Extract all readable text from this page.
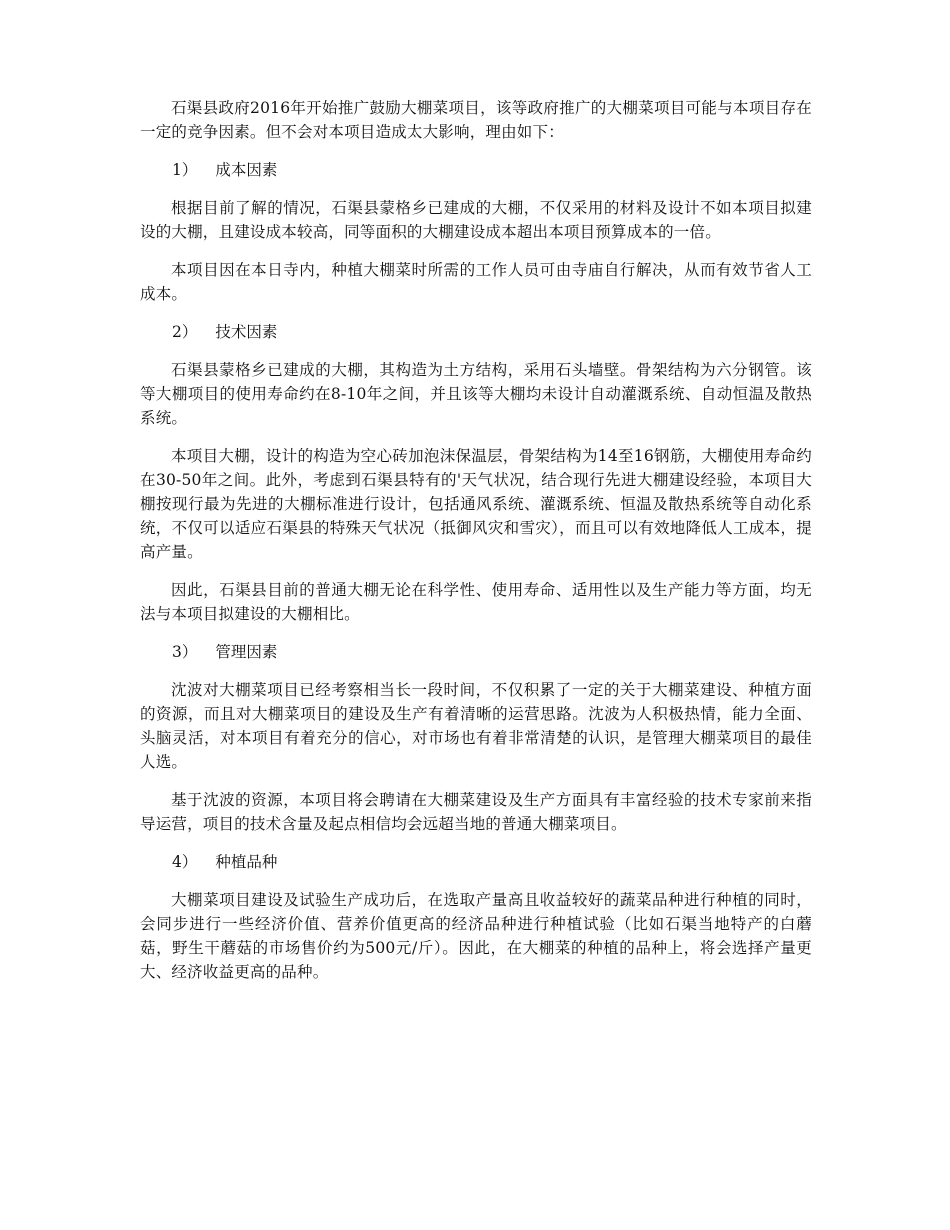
石渠县政府2016年开始推广鼓励大棚菜项目，该等政府推广的大棚菜项目可能与本项目存在一定的竞争因素。但不会对本项目造成太大影响，理由如下：

1） 成本因素

根据目前了解的情况，石渠县蒙格乡已建成的大棚，不仅采用的材料及设计不如本项目拟建设的大棚，且建设成本较高，同等面积的大棚建设成本超出本项目预算成本的一倍。

本项目因在本日寺内，种植大棚菜时所需的工作人员可由寺庙自行解决，从而有效节省人工成本。

2） 技术因素

石渠县蒙格乡已建成的大棚，其构造为土方结构，采用石头墙壁。骨架结构为六分钢管。该等大棚项目的使用寿命约在8-10年之间，并且该等大棚均未设计自动灌溉系统、自动恒温及散热系统。

本项目大棚，设计的构造为空心砖加泡沫保温层，骨架结构为14至16钢筋，大棚使用寿命约在30-50年之间。此外，考虑到石渠县特有的'天气状况，结合现行先进大棚建设经验，本项目大棚按现行最为先进的大棚标准进行设计，包括通风系统、灌溉系统、恒温及散热系统等自动化系统，不仅可以适应石渠县的特殊天气状况（抵御风灾和雪灾），而且可以有效地降低人工成本，提高产量。

因此，石渠县目前的普通大棚无论在科学性、使用寿命、适用性以及生产能力等方面，均无法与本项目拟建设的大棚相比。

3） 管理因素

沈波对大棚菜项目已经考察相当长一段时间，不仅积累了一定的关于大棚菜建设、种植方面的资源，而且对大棚菜项目的建设及生产有着清晰的运营思路。沈波为人积极热情，能力全面、头脑灵活，对本项目有着充分的信心，对市场也有着非常清楚的认识，是管理大棚菜项目的最佳人选。

基于沈波的资源，本项目将会聘请在大棚菜建设及生产方面具有丰富经验的技术专家前来指导运营，项目的技术含量及起点相信均会远超当地的普通大棚菜项目。

4） 种植品种

大棚菜项目建设及试验生产成功后，在选取产量高且收益较好的蔬菜品种进行种植的同时，会同步进行一些经济价值、营养价值更高的经济品种进行种植试验（比如石渠当地特产的白蘑菇，野生干蘑菇的市场售价约为500元/斤）。因此，在大棚菜的种植的品种上，将会选择产量更大、经济收益更高的品种。
